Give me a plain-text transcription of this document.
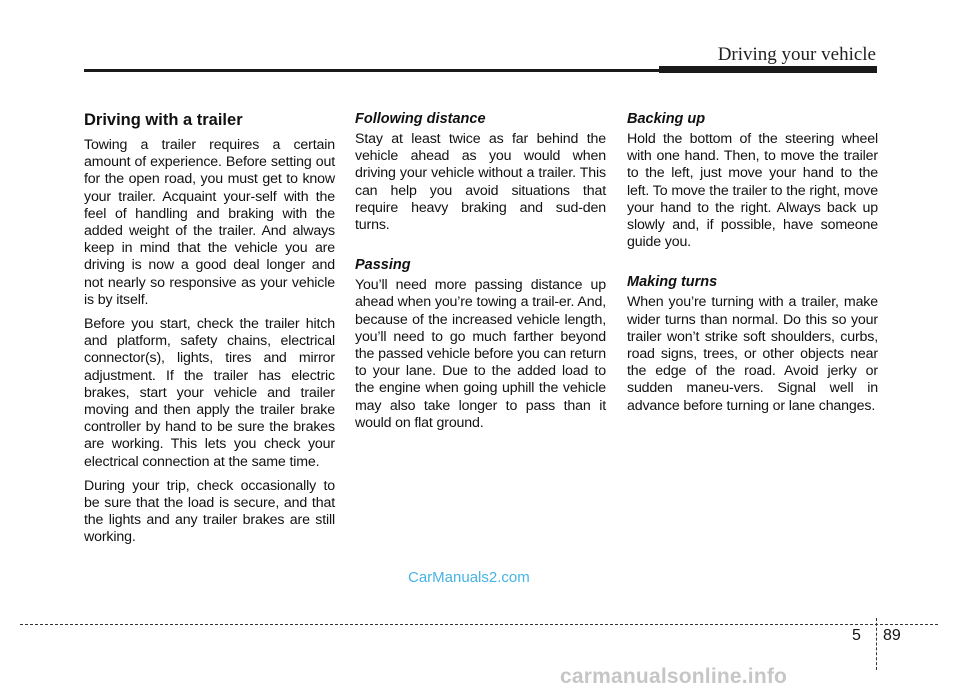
Driving your vehicle
Driving with a trailer

Towing a trailer requires a certain amount of experience. Before setting out for the open road, you must get to know your trailer. Acquaint your-self with the feel of handling and braking with the added weight of the trailer. And always keep in mind that the vehicle you are driving is now a good deal longer and not nearly so responsive as your vehicle is by itself.

Before you start, check the trailer hitch and platform, safety chains, electrical connector(s), lights, tires and mirror adjustment. If the trailer has electric brakes, start your vehicle and trailer moving and then apply the trailer brake controller by hand to be sure the brakes are working. This lets you check your electrical connection at the same time.

During your trip, check occasionally to be sure that the load is secure, and that the lights and any trailer brakes are still working.

Following distance

Stay at least twice as far behind the vehicle ahead as you would when driving your vehicle without a trailer. This can help you avoid situations that require heavy braking and sud-den turns.

Passing

You’ll need more passing distance up ahead when you’re towing a trail-er. And, because of the increased vehicle length, you’ll need to go much farther beyond the passed vehicle before you can return to your lane. Due to the added load to the engine when going uphill the vehicle may also take longer to pass than it would on flat ground.

Backing up

Hold the bottom of the steering wheel with one hand. Then, to move the trailer to the left, just move your hand to the left. To move the trailer to the right, move your hand to the right. Always back up slowly and, if possible, have someone guide you.

Making turns

When you’re turning with a trailer, make wider turns than normal. Do this so your trailer won’t strike soft shoulders, curbs, road signs, trees, or other objects near the edge of the road. Avoid jerky or sudden maneu-vers. Signal well in advance before turning or lane changes.

CarManuals2.com
5 89
carmanualsonline.info
